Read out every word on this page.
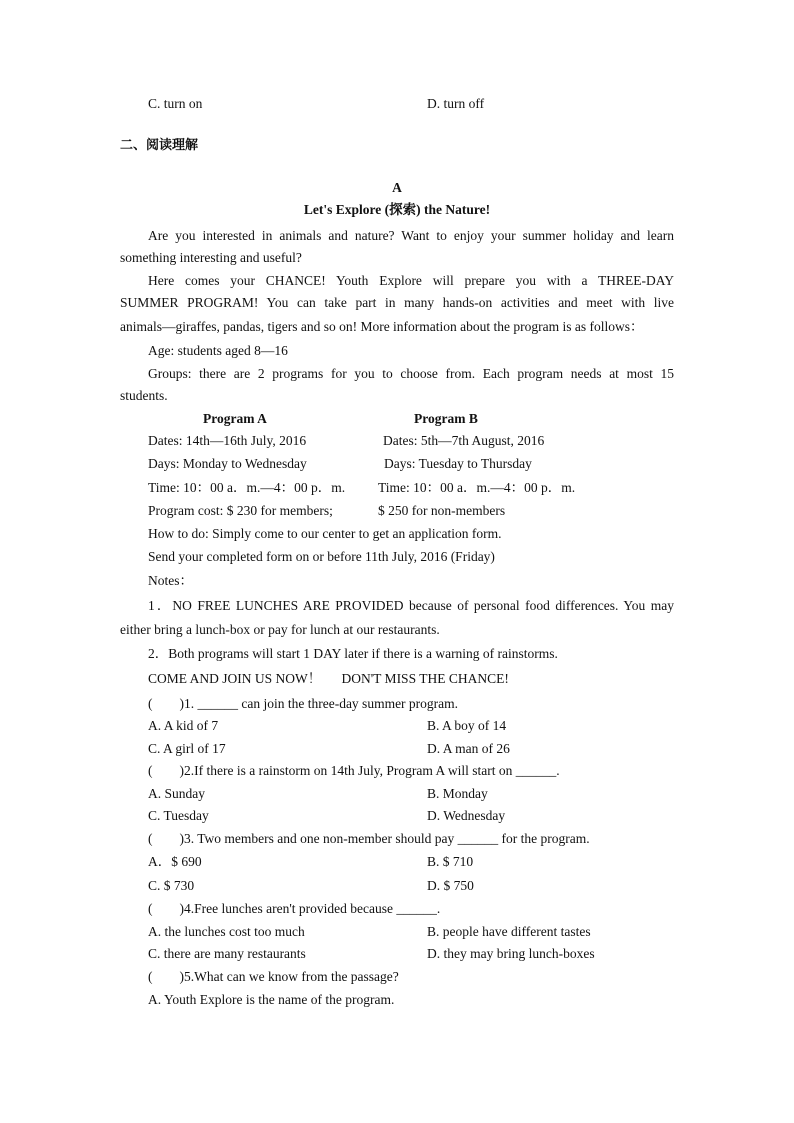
C. turn on	D. turn off
二、阅读理解
A
Let's Explore (探索) the Nature!
Are you interested in animals and nature? Want to enjoy your summer holiday and learn
something interesting and useful?
Here comes your CHANCE! Youth Explore will prepare you with a THREE-DAY
SUMMER PROGRAM! You can take part in many hands-on activities and meet with live
animals—giraffes, pandas, tigers and so on! More information about the program is as follows：
Age: students aged 8—16
Groups: there are 2 programs for you to choose from. Each program needs at most 15
students.
Program A	Program B
Dates: 14th—16th July, 2016	Dates: 5th—7th August, 2016
Days: Monday to Wednesday	Days: Tuesday to Thursday
Time: 10：00 a．m.—4：00 p．m. Time: 10：00 a．m.—4：00 p．m.
Program cost: $ 230 for members;	$ 250 for non-members
How to do: Simply come to our center to get an application form.
Send your completed form on or before 11th July, 2016 (Friday)
Notes：
1．NO FREE LUNCHES ARE PROVIDED because of personal food differences. You may
either bring a lunch-box or pay for lunch at our restaurants.
2．Both programs will start 1 DAY later if there is a warning of rainstorms.
COME AND JOIN US NOW！      DON'T MISS THE CHANCE!
(        )1. ______ can join the three-day summer program.
A. A kid of 7	B. A boy of 14
C. A girl of 17	D. A man of 26
(        )2.If there is a rainstorm on 14th July, Program A will start on ______.
A. Sunday	B. Monday
C. Tuesday	D. Wednesday
(        )3. Two members and one non-member should pay ______ for the program.
A．$ 690	B. $ 710
C. $ 730	D. $ 750
(        )4.Free lunches aren't provided because ______.
A. the lunches cost too much	B. people have different tastes
C. there are many restaurants	D. they may bring lunch-boxes
(        )5.What can we know from the passage?
A. Youth Explore is the name of the program.
